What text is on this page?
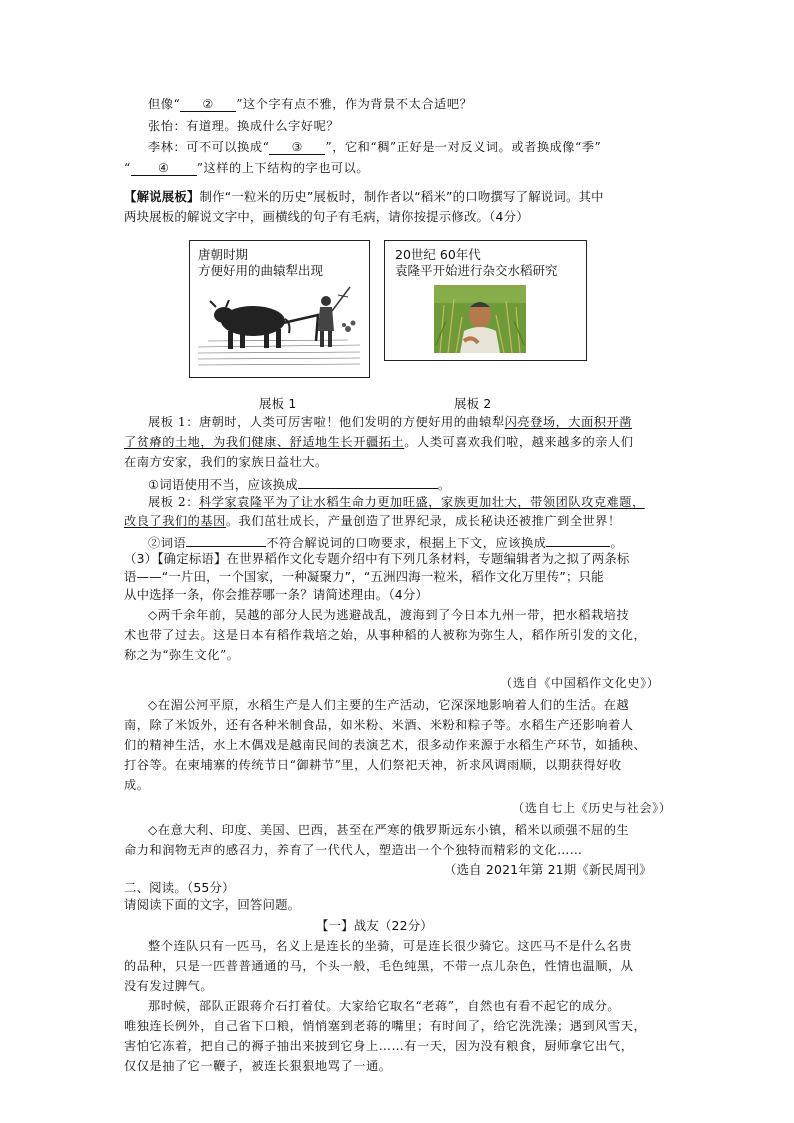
但像“ ② ”这个字有点不雅，作为背景不太合适吧？
张怡：有道理。换成什么字好呢？
李林：可不可以换成“ ③ ”，它和“稠”正好是一对反义词。或者换成像“季”
“ ④ ”这样的上下结构的字也可以。
【解说展板】制作“一粒米的历史”展板时，制作者以“稻米”的口吻撰写了解说词。其中
两块展板的解说文字中，画横线的句子有毛病，请你按提示修改。（4分）
唐朝时期
方便好用的曲辕犁出现
20世纪 60年代
袁隆平开始进行杂交水稻研究
展板 1	展板 2
展板 1：唐朝时，人类可厉害啦！他们发明的方便好用的曲辕犁闪亮登场，大面积开凿
了贫瘠的土地，为我们健康、舒适地生长开疆拓土。人类可喜欢我们啦，越来越多的亲人们
在南方安家，我们的家族日益壮大。
①词语使用不当，应该换成	。
展板 2：科学家袁隆平为了让水稻生命力更加旺盛，家族更加壮大，带领团队攻克难题，
改良了我们的基因。我们茁壮成长，产量创造了世界纪录，成长秘诀还被推广到全世界！
②词语	不符合解说词的口吻要求，根据上下文，应该换成	。
（3）【确定标语】在世界稻作文化专题介绍中有下列几条材料，专题编辑者为之拟了两条标
语——“一片田，一个国家，一种凝聚力”，“五洲四海一粒米，稻作文化万里传”；只能
从中选择一条，你会推荐哪一条？请简述理由。（4分）
◇两千余年前，吴越的部分人民为逃避战乱，渡海到了今日本九州一带，把水稻栽培技
术也带了过去。这是日本有稻作栽培之始，从事种稻的人被称为弥生人，稻作所引发的文化，
称之为“弥生文化”。
（选自《中国稻作文化史》）
◇在湄公河平原，水稻生产是人们主要的生产活动，它深深地影响着人们的生活。在越
南，除了米饭外，还有各种米制食品，如米粉、米酒、米粉和粽子等。水稻生产还影响着人
们的精神生活，水上木偶戏是越南民间的表演艺术，很多动作来源于水稻生产环节，如插秧、
打谷等。在柬埔寨的传统节日“御耕节”里，人们祭祀天神，祈求风调雨顺，以期获得好收
成。
（选自七上《历史与社会》）
◇在意大利、印度、美国、巴西，甚至在严寒的俄罗斯远东小镇，稻米以顽强不屈的生
命力和润物无声的感召力，养育了一代代人，塑造出一个个独特而精彩的文化……
（选自 2021年第 21期《新民周刊》
二、阅读。（55分）
请阅读下面的文字，回答问题。
【一】战友（22分）
整个连队只有一匹马，名义上是连长的坐骑，可是连长很少骑它。这匹马不是什么名贵
的品种，只是一匹普普通通的马，个头一般，毛色纯黑，不带一点儿杂色，性情也温顺，从
没有发过脾气。
那时候，部队正跟蒋介石打着仗。大家给它取名“老蒋”，自然也有看不起它的成分。
唯独连长例外，自己省下口粮，悄悄塞到老蒋的嘴里；有时间了，给它洗洗澡；遇到风雪天，
害怕它冻着，把自己的褥子抽出来披到它身上……有一天，因为没有粮食，厨师拿它出气，
仅仅是抽了它一鞭子，被连长狠狠地骂了一通。
